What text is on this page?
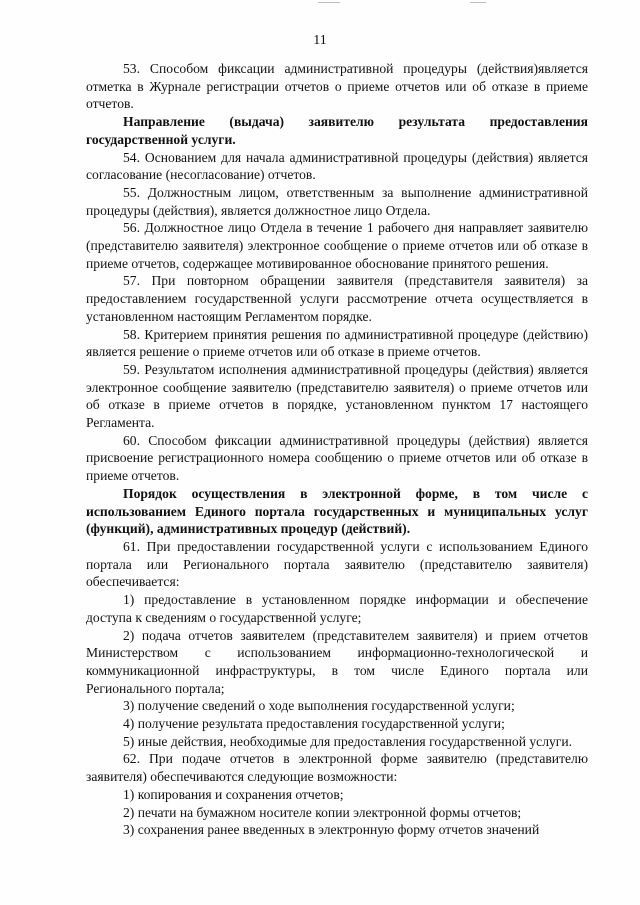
11

53. Способом фиксации административной процедуры (действия)является отметка в Журнале регистрации отчетов о приеме отчетов или об отказе в приеме отчетов.

Направление (выдача) заявителю результата предоставления государственной услуги.

54. Основанием для начала административной процедуры (действия) является согласование (несогласование) отчетов.

55. Должностным лицом, ответственным за выполнение административной процедуры (действия), является должностное лицо Отдела.

56. Должностное лицо Отдела в течение 1 рабочего дня направляет заявителю (представителю заявителя) электронное сообщение о приеме отчетов или об отказе в приеме отчетов, содержащее мотивированное обоснование принятого решения.

57. При повторном обращении заявителя (представителя заявителя) за предоставлением государственной услуги рассмотрение отчета осуществляется в установленном настоящим Регламентом порядке.

58. Критерием принятия решения по административной процедуре (действию) является решение о приеме отчетов или об отказе в приеме отчетов.

59. Результатом исполнения административной процедуры (действия) является электронное сообщение заявителю (представителю заявителя) о приеме отчетов или об отказе в приеме отчетов в порядке, установленном пунктом 17 настоящего Регламента.

60. Способом фиксации административной процедуры (действия) является присвоение регистрационного номера сообщению о приеме отчетов или об отказе в приеме отчетов.

Порядок осуществления в электронной форме, в том числе с использованием Единого портала государственных и муниципальных услуг (функций), административных процедур (действий).

61. При предоставлении государственной услуги с использованием Единого портала или Регионального портала заявителю (представителю заявителя) обеспечивается:

1) предоставление в установленном порядке информации и обеспечение доступа к сведениям о государственной услуге;

2) подача отчетов заявителем (представителем заявителя) и прием отчетов Министерством с использованием информационно-технологической и коммуникационной инфраструктуры, в том числе Единого портала или Регионального портала;

3) получение сведений о ходе выполнения государственной услуги;

4) получение результата предоставления государственной услуги;

5) иные действия, необходимые для предоставления государственной услуги.

62. При подаче отчетов в электронной форме заявителю (представителю заявителя) обеспечиваются следующие возможности:

1) копирования и сохранения отчетов;

2) печати на бумажном носителе копии электронной формы отчетов;

3) сохранения ранее введенных в электронную форму отчетов значений
